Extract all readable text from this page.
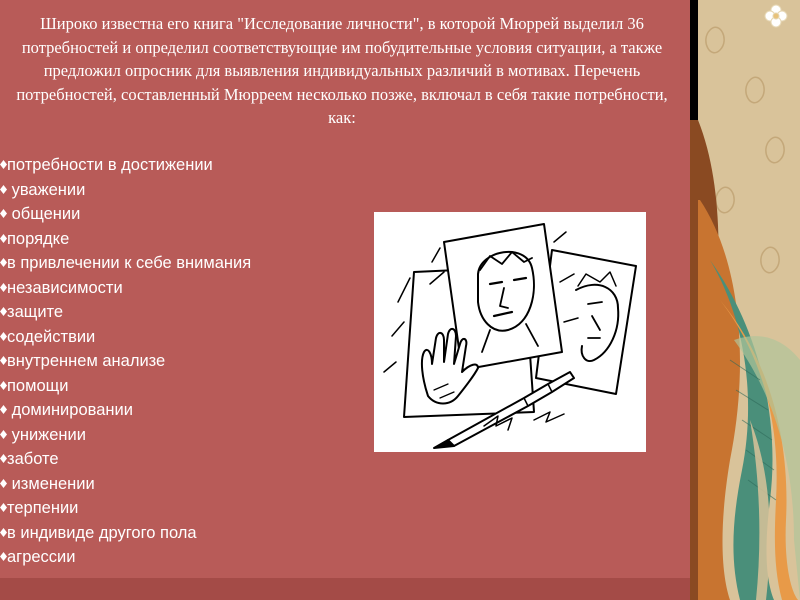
Широко известна его книга "Исследование личности", в которой Мюррей выделил 36 потребностей и определил соответствующие им побудительные условия ситуации, а также предложил опросник для выявления индивидуальных различий в мотивах. Перечень потребностей, составленный Мюрреем несколько позже, включал в себя такие потребности, как:

потребности в достижении
уважении
общении
порядке
в привлечении к себе внимания
независимости
защите
содействии
внутреннем анализе
помощи
доминировании
унижении
заботе
изменении
терпении
в индивиде другого пола
агрессии
